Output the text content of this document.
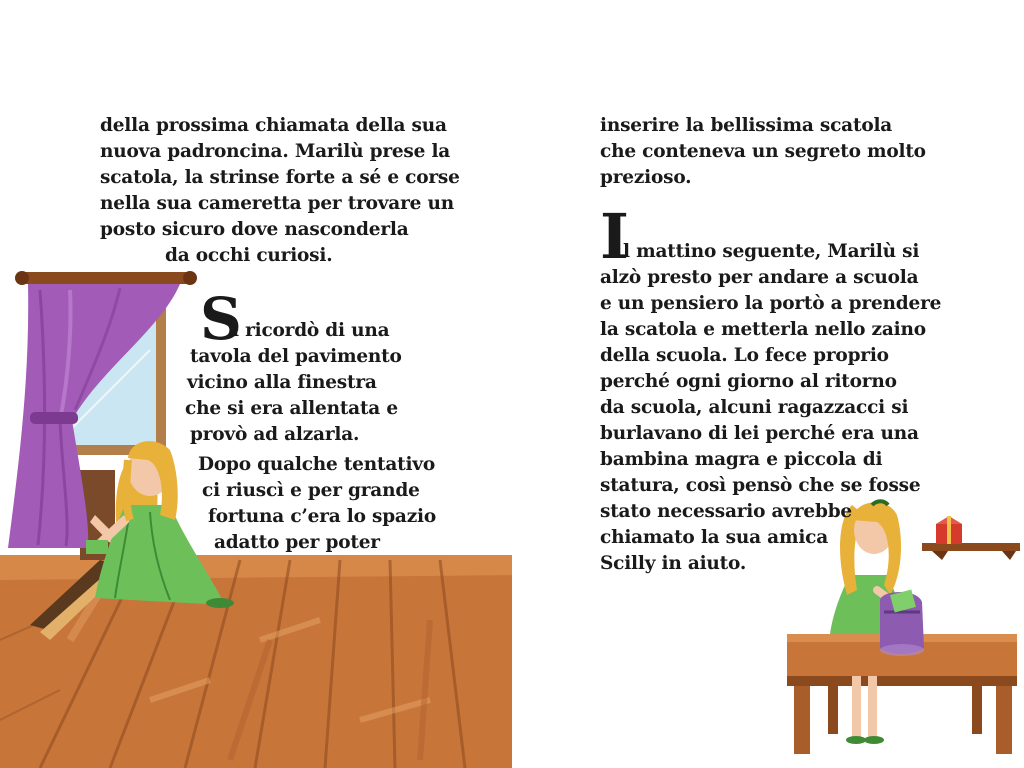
della prossima chiamata della sua
nuova padroncina. Marilù prese la
scatola, la strinse forte a sé e corse
nella sua cameretta per trovare un
posto sicuro dove nasconderla
da occhi curiosi.
S
i ricordò di una
tavola del pavimento
vicino alla finestra
che si era allentata e
provò ad alzarla.
Dopo qualche tentativo
ci riuscì e per grande
fortuna c’era lo spazio
adatto per poter
inserire la bellissima scatola
che conteneva un segreto molto
prezioso.
I
l mattino seguente, Marilù si
alzò presto per andare a scuola
e un pensiero la portò a prendere
la scatola e metterla nello zaino
della scuola. Lo fece proprio
perché ogni giorno al ritorno
da scuola, alcuni ragazzacci si
burlavano di lei perché era una
bambina magra e piccola di
statura, così pensò che se fosse
stato necessario avrebbe
chiamato la sua amica
Scilly in aiuto.
